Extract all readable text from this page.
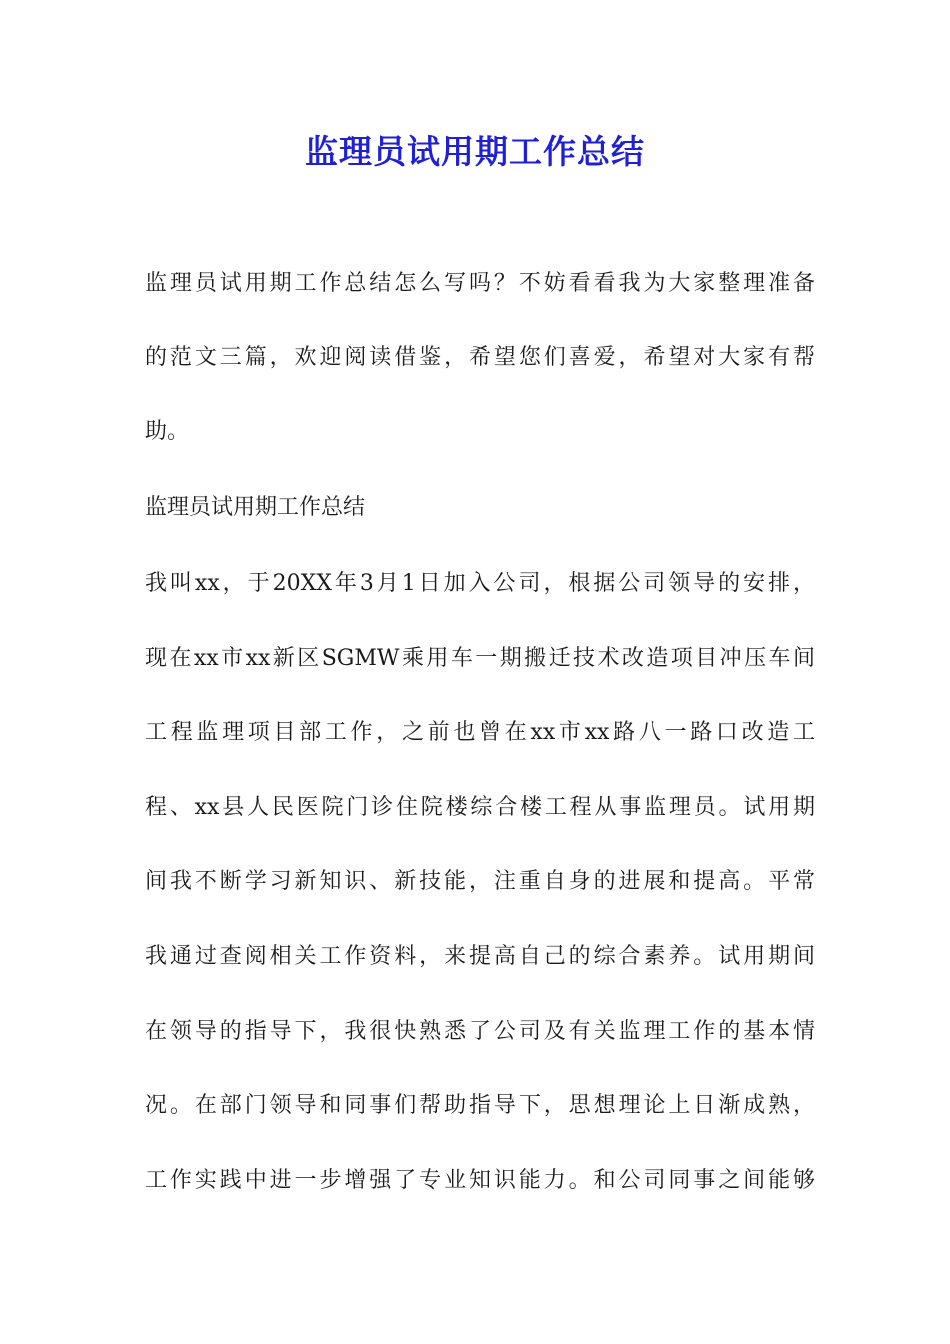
监理员试用期工作总结
监理员试用期工作总结怎么写吗？不妨看看我为大家整理准备
的范文三篇，欢迎阅读借鉴，希望您们喜爱，希望对大家有帮
助。
监理员试用期工作总结
我叫xx，于20XX年3月1日加入公司，根据公司领导的安排，
现在xx市xx新区SGMW乘用车一期搬迁技术改造项目冲压车间
工程监理项目部工作，之前也曾在xx市xx路八一路口改造工
程、xx县人民医院门诊住院楼综合楼工程从事监理员。试用期
间我不断学习新知识、新技能，注重自身的进展和提高。平常
我通过查阅相关工作资料，来提高自己的综合素养。试用期间
在领导的指导下，我很快熟悉了公司及有关监理工作的基本情
况。在部门领导和同事们帮助指导下，思想理论上日渐成熟，
工作实践中进一步增强了专业知识能力。和公司同事之间能够
